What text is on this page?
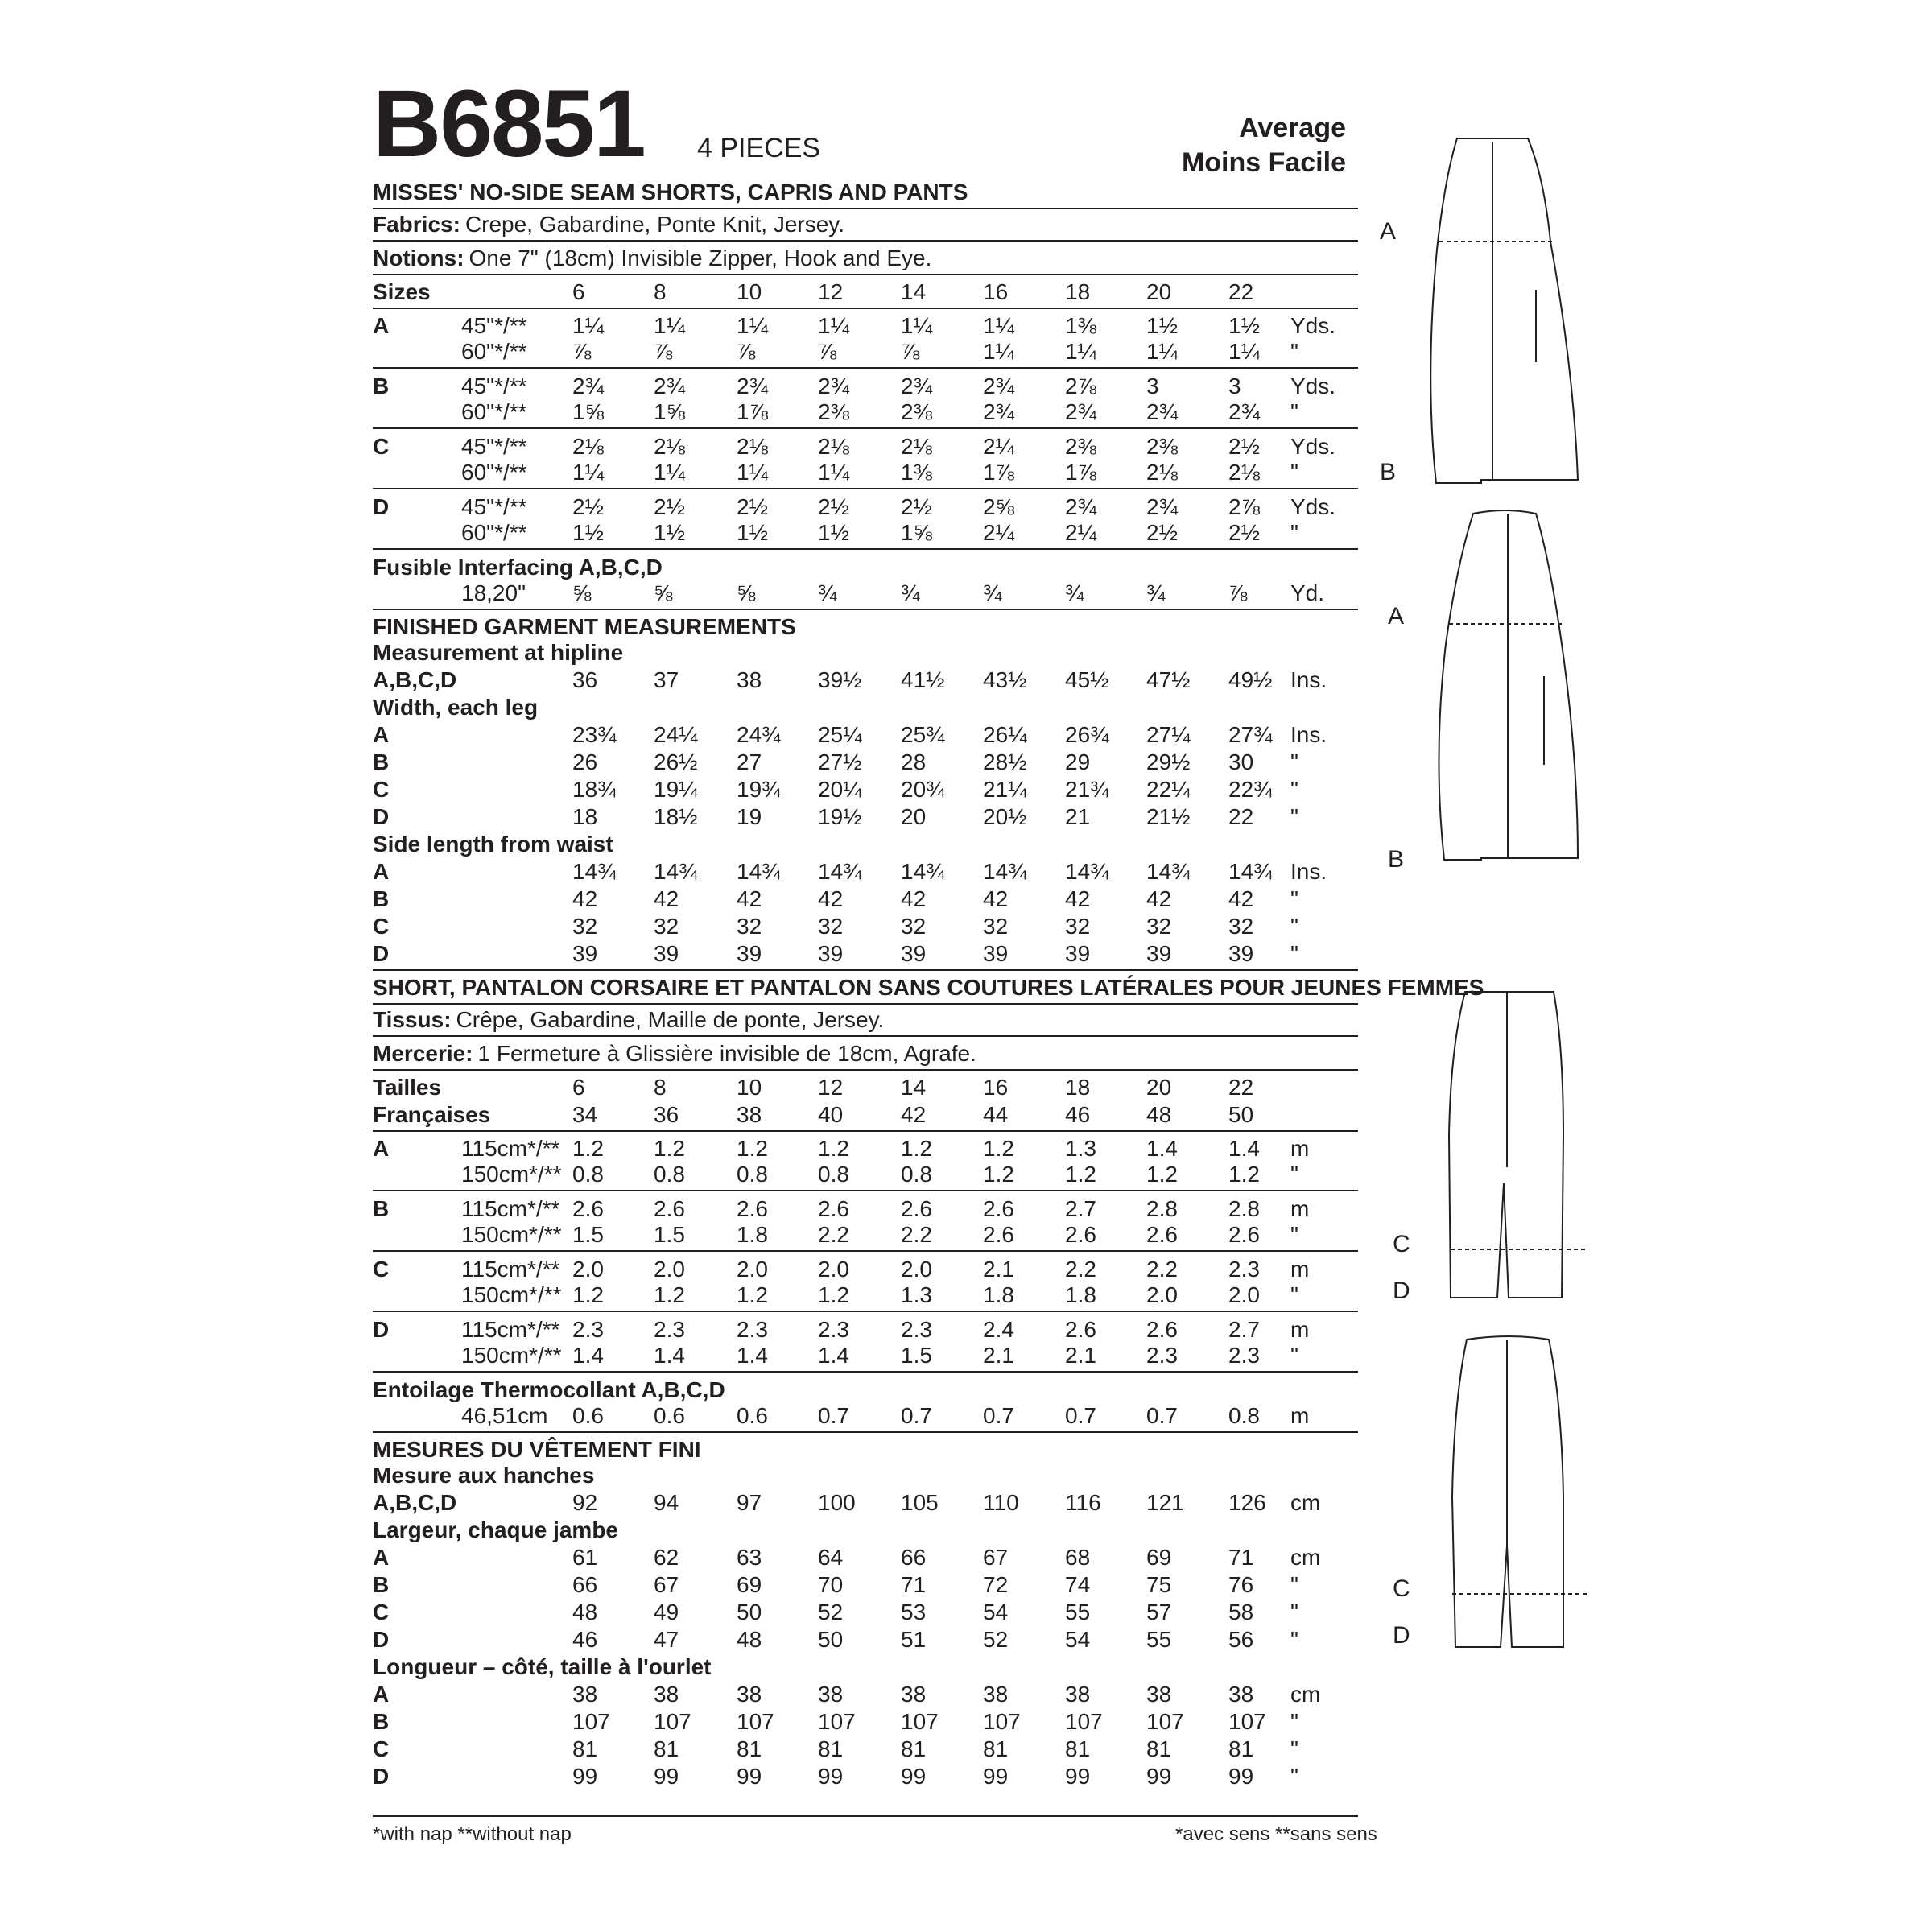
B6851 4 PIECES
Average
Moins Facile
MISSES' NO-SIDE SEAM SHORTS, CAPRIS AND PANTS
Fabrics: Crepe, Gabardine, Ponte Knit, Jersey.
Notions: One 7" (18cm) Invisible Zipper, Hook and Eye.
Sizes	6	8	10 12	14	16	18 20	22
A	45"*/** 1¼ 1¼ 1¼ 1¼ 1¼ 1¼ 1⅜ 1½ 1½ Yds.
60"*/** ⅞	⅞	⅞	⅞	⅞	1¼ 1¼ 1¼ 1¼ "
B	45"*/** 2¾ 2¾ 2¾ 2¾ 2¾ 2¾ 2⅞ 3	3 Yds.
60"*/** 1⅝ 1⅝ 1⅞ 2⅜ 2⅜ 2¾ 2¾ 2¾ 2¾ "
C	45"*/** 2⅛ 2⅛ 2⅛ 2⅛ 2⅛ 2¼ 2⅜ 2⅜ 2½ Yds.
60"*/** 1¼ 1¼ 1¼ 1¼ 1⅜ 1⅞ 1⅞ 2⅛ 2⅛ "
D	45"*/** 2½ 2½ 2½ 2½ 2½ 2⅝ 2¾ 2¾ 2⅞ Yds.
60"*/** 1½ 1½ 1½ 1½ 1⅝ 2¼ 2¼ 2½ 2½ "
Fusible Interfacing A,B,C,D
18,20" ⅝	⅝	⅝	¾	¾	¾	¾	¾	⅞ Yd.
FINISHED GARMENT MEASUREMENTS
Measurement at hipline
A,B,C,D	36 37	38 39½ 41½ 43½ 45½ 47½ 49½ Ins.
Width, each leg
A	23¾ 24¼ 24¾ 25¼ 25¾ 26¼ 26¾ 27¼ 27¾ Ins.
B	26 26½ 27 27½ 28	28½ 29 29½ 30 "
C	18¾ 19¼ 19¾ 20¼ 20¾ 21¼ 21¾ 22¼ 22¾ "
D	18 18½ 19 19½ 20	20½ 21 21½ 22 "
Side length from waist
A	14¾ 14¾ 14¾ 14¾ 14¾ 14¾ 14¾ 14¾ 14¾ Ins.
B	42 42	42 42	42	42	42 42	42 "
C	32 32	32 32	32	32	32 32	32 "
D	39 39	39 39	39	39	39 39	39 "
SHORT, PANTALON CORSAIRE ET PANTALON SANS COUTURES LATÉRALES POUR JEUNES FEMMES
Tissus: Crêpe, Gabardine, Maille de ponte, Jersey.
Mercerie: 1 Fermeture à Glissière invisible de 18cm, Agrafe.
Tailles	6	8	10 12	14	16	18 20	22
Françaises	34 36	38 40	42	44	46 48	50
A	115cm*/** 1.2 1.2 1.2 1.2 1.2 1.2 1.3 1.4 1.4 m
150cm*/** 0.8 0.8 0.8 0.8 0.8 1.2 1.2 1.2 1.2 "
B	115cm*/** 2.6 2.6 2.6 2.6 2.6 2.6 2.7 2.8 2.8 m
150cm*/** 1.5 1.5 1.8 2.2 2.2 2.6 2.6 2.6 2.6 "
C	115cm*/** 2.0 2.0 2.0 2.0 2.0 2.1 2.2 2.2 2.3 m
150cm*/** 1.2 1.2 1.2 1.2 1.3 1.8 1.8 2.0 2.0 "
D	115cm*/** 2.3 2.3 2.3 2.3 2.3 2.4 2.6 2.6 2.7 m
150cm*/** 1.4 1.4 1.4 1.4 1.5 2.1 2.1 2.3 2.3 "
Entoilage Thermocollant A,B,C,D
46,51cm 0.6 0.6 0.6 0.7 0.7 0.7 0.7 0.7 0.8 m
MESURES DU VÊTEMENT FINI
Mesure aux hanches
A,B,C,D	92 94	97 100 105 110 116 121 126 cm
Largeur, chaque jambe
A	61 62	63 64	66	67	68 69	71 cm
B	66 67	69 70	71	72	74 75	76 "
C	48 49	50 52	53	54	55 57	58 "
D	46 47	48 50	51	52	54 55	56 "
Longueur – côté, taille à l'ourlet
A	38 38	38 38	38	38	38 38	38 cm
B	107 107 107 107 107 107 107 107 107 "
C	81 81	81 81	81	81	81 81	81 "
D	99 99	99 99	99	99	99 99	99 "
*with nap **without nap	*avec sens **sans sens
A
B
A
B
C
D
C
D
